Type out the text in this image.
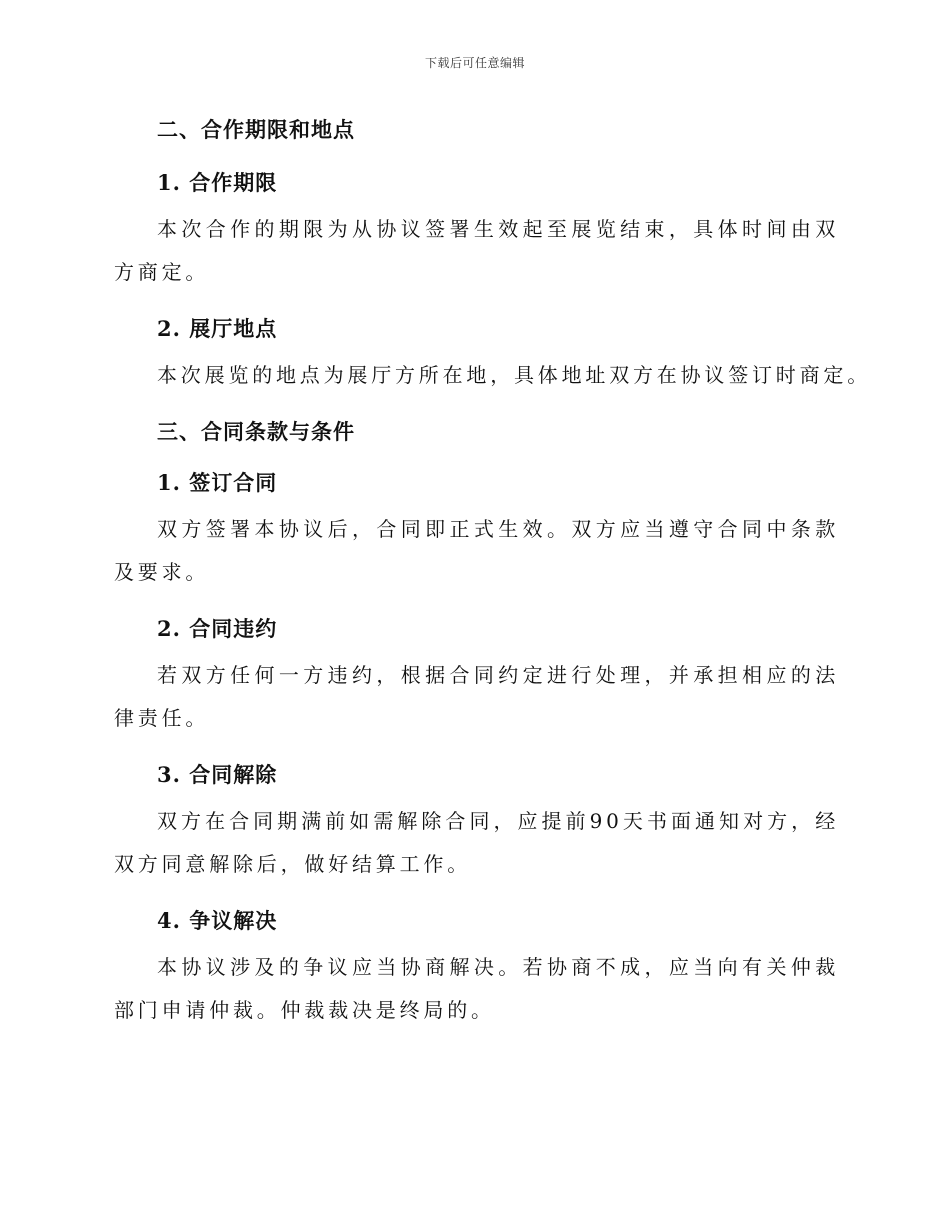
下载后可任意编辑
二、合作期限和地点
1. 合作期限
本次合作的期限为从协议签署生效起至展览结束，具体时间由双方商定。
2. 展厅地点
本次展览的地点为展厅方所在地，具体地址双方在协议签订时商定。
三、合同条款与条件
1. 签订合同
双方签署本协议后，合同即正式生效。双方应当遵守合同中条款及要求。
2. 合同违约
若双方任何一方违约，根据合同约定进行处理，并承担相应的法律责任。
3. 合同解除
双方在合同期满前如需解除合同，应提前90天书面通知对方，经双方同意解除后，做好结算工作。
4. 争议解决
本协议涉及的争议应当协商解决。若协商不成，应当向有关仲裁部门申请仲裁。仲裁裁决是终局的。
